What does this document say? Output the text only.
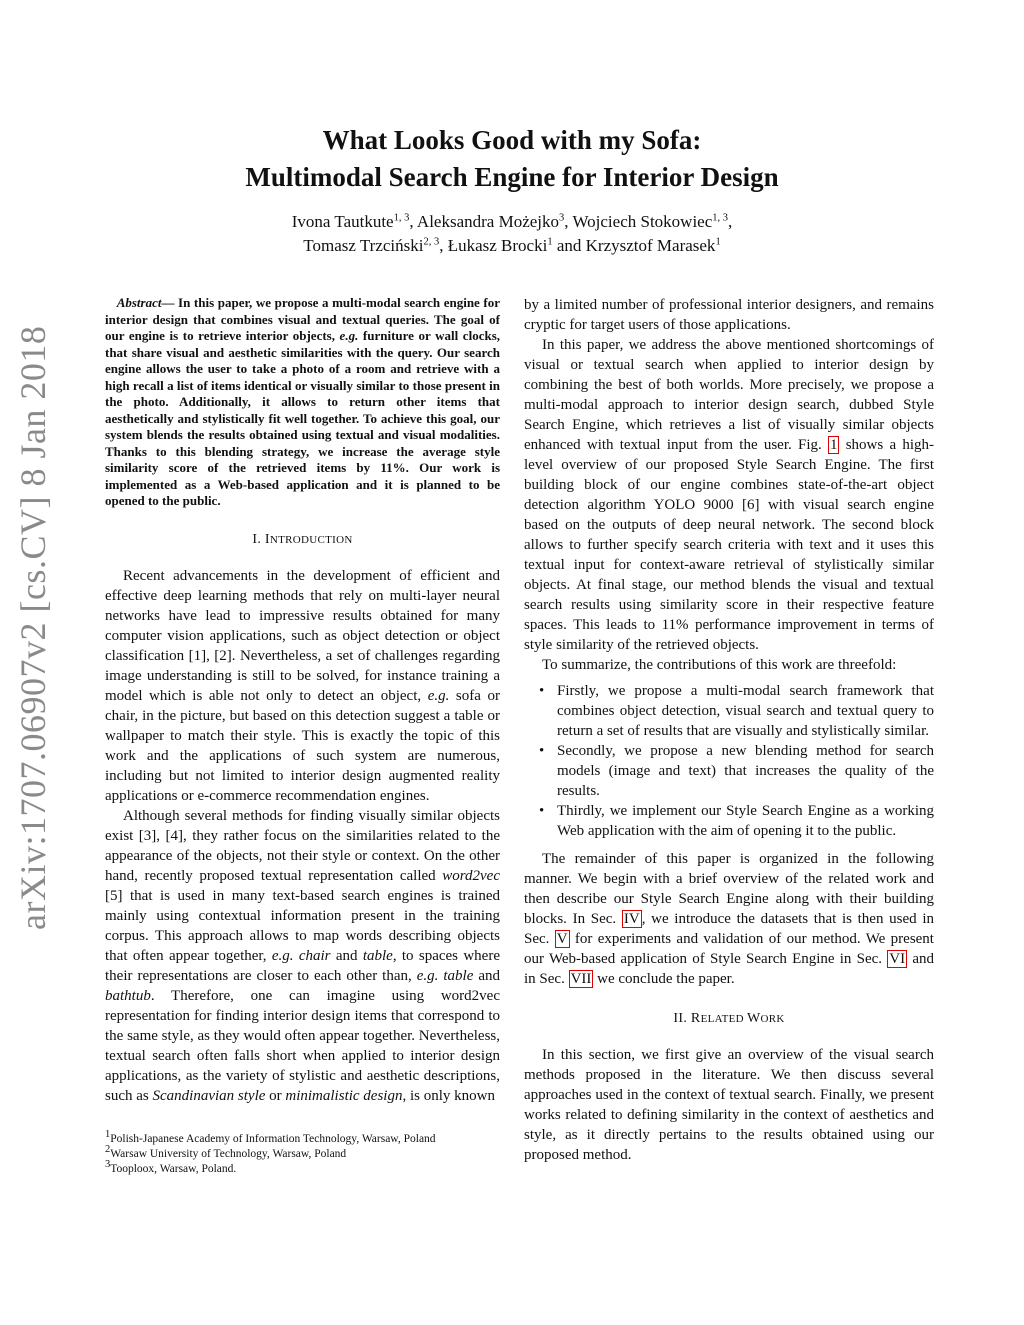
arXiv:1707.06907v2 [cs.CV] 8 Jan 2018
What Looks Good with my Sofa:
Multimodal Search Engine for Interior Design
Ivona Tautkute$^{1, 3}$, Aleksandra Możejko$^3$, Wojciech Stokowiec$^{1, 3}$,
Tomasz Trzciński$^{2, 3}$, Łukasz Brocki$^1$ and Krzysztof Marasek$^1$

Abstract— In this paper, we propose a multi-modal search engine for interior design that combines visual and textual queries. The goal of our engine is to retrieve interior objects, e.g. furniture or wall clocks, that share visual and aesthetic similarities with the query. Our search engine allows the user to take a photo of a room and retrieve with a high recall a list of items identical or visually similar to those present in the photo. Additionally, it allows to return other items that aesthetically and stylistically fit well together. To achieve this goal, our system blends the results obtained using textual and visual modalities. Thanks to this blending strategy, we increase the average style similarity score of the retrieved items by 11%. Our work is implemented as a Web-based application and it is planned to be opened to the public.

I. INTRODUCTION

Recent advancements in the development of efficient and effective deep learning methods that rely on multi-layer neural networks have lead to impressive results obtained for many computer vision applications, such as object detection or object classification [1], [2]. Nevertheless, a set of challenges regarding image understanding is still to be solved, for instance training a model which is able not only to detect an object, e.g. sofa or chair, in the picture, but based on this detection suggest a table or wallpaper to match their style. This is exactly the topic of this work and the applications of such system are numerous, including but not limited to interior design augmented reality applications or e-commerce recommendation engines.

Although several methods for finding visually similar objects exist [3], [4], they rather focus on the similarities related to the appearance of the objects, not their style or context. On the other hand, recently proposed textual representation called word2vec [5] that is used in many text-based search engines is trained mainly using contextual information present in the training corpus. This approach allows to map words describing objects that often appear together, e.g. chair and table, to spaces where their representations are closer to each other than, e.g. table and bathtub. Therefore, one can imagine using word2vec representation for finding interior design items that correspond to the same style, as they would often appear together. Nevertheless, textual search often falls short when applied to interior design applications, as the variety of stylistic and aesthetic descriptions, such as Scandinavian style or minimalistic design, is only known

$^1$Polish-Japanese Academy of Information Technology, Warsaw, Poland
$^2$Warsaw University of Technology, Warsaw, Poland
$^3$Tooploox, Warsaw, Poland.

by a limited number of professional interior designers, and remains cryptic for target users of those applications.

In this paper, we address the above mentioned shortcomings of visual or textual search when applied to interior design by combining the best of both worlds. More precisely, we propose a multi-modal approach to interior design search, dubbed Style Search Engine, which retrieves a list of visually similar objects enhanced with textual input from the user. Fig. 1 shows a high-level overview of our proposed Style Search Engine. The first building block of our engine combines state-of-the-art object detection algorithm YOLO 9000 [6] with visual search engine based on the outputs of deep neural network. The second block allows to further specify search criteria with text and it uses this textual input for context-aware retrieval of stylistically similar objects. At final stage, our method blends the visual and textual search results using similarity score in their respective feature spaces. This leads to 11% performance improvement in terms of style similarity of the retrieved objects.

To summarize, the contributions of this work are threefold:

• Firstly, we propose a multi-modal search framework that combines object detection, visual search and textual query to return a set of results that are visually and stylistically similar.
• Secondly, we propose a new blending method for search models (image and text) that increases the quality of the results.
• Thirdly, we implement our Style Search Engine as a working Web application with the aim of opening it to the public.

The remainder of this paper is organized in the following manner. We begin with a brief overview of the related work and then describe our Style Search Engine along with their building blocks. In Sec. IV , we introduce the datasets that is then used in Sec. V for experiments and validation of our method. We present our Web-based application of Style Search Engine in Sec. VI and in Sec. VII we conclude the paper.

II. RELATED WORK

In this section, we first give an overview of the visual search methods proposed in the literature. We then discuss several approaches used in the context of textual search. Finally, we present works related to defining similarity in the context of aesthetics and style, as it directly pertains to the results obtained using our proposed method.
